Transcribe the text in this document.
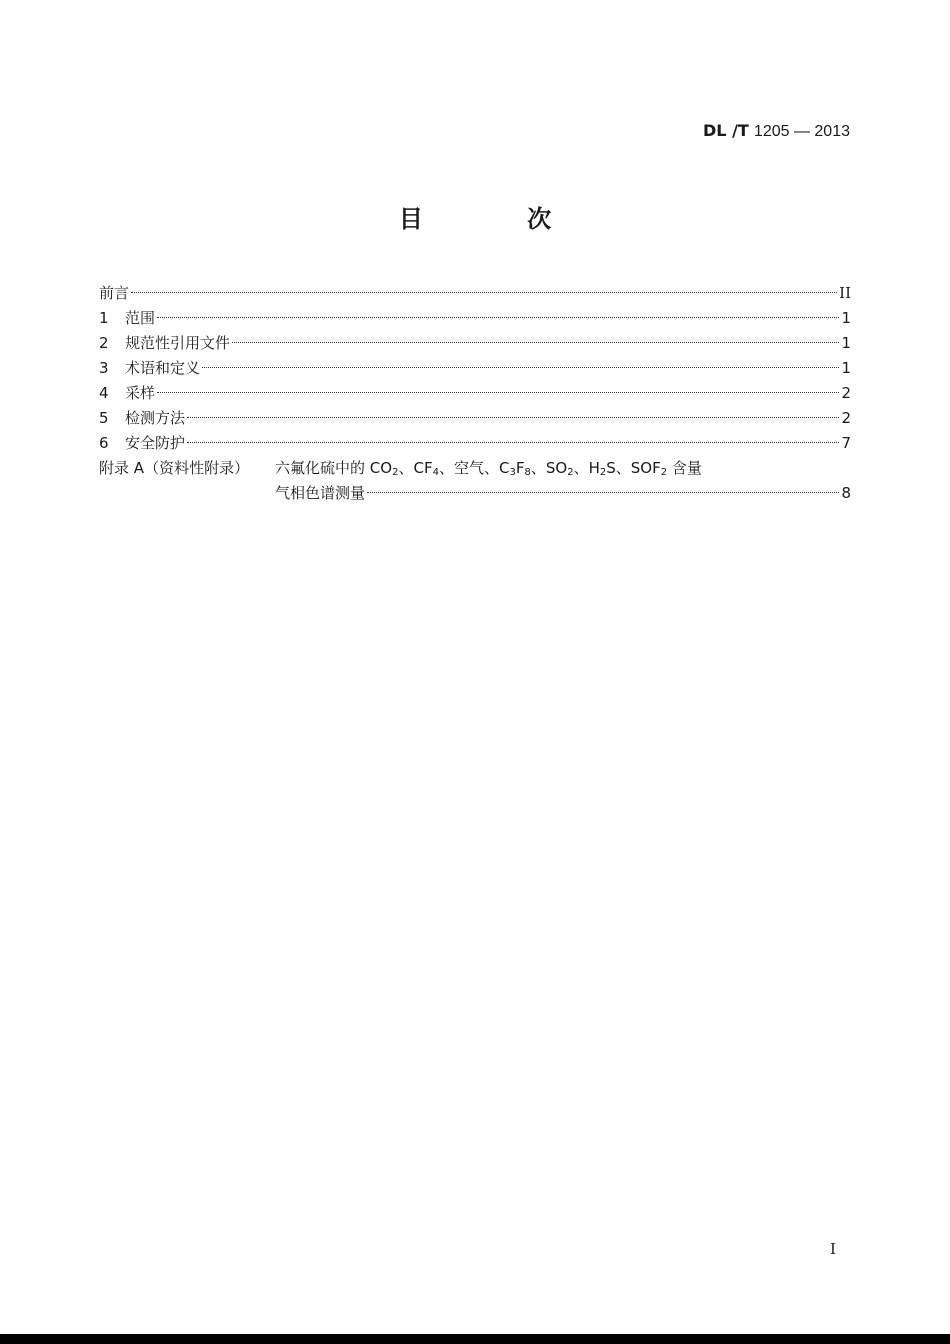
DL /T 1205 — 2013
目 次
前言	II
1	范围	1
2	规范性引用文件	1
3	术语和定义	1
4	采样	2
5	检测方法	2
6	安全防护	7
附录 A（资料性附录）	六氟化硫中的 $CO_2$、$CF_4$、空气、$C_3F_8$、$SO_2$、$H_2S$、$SOF_2$ 含量
气相色谱测量	8
I
